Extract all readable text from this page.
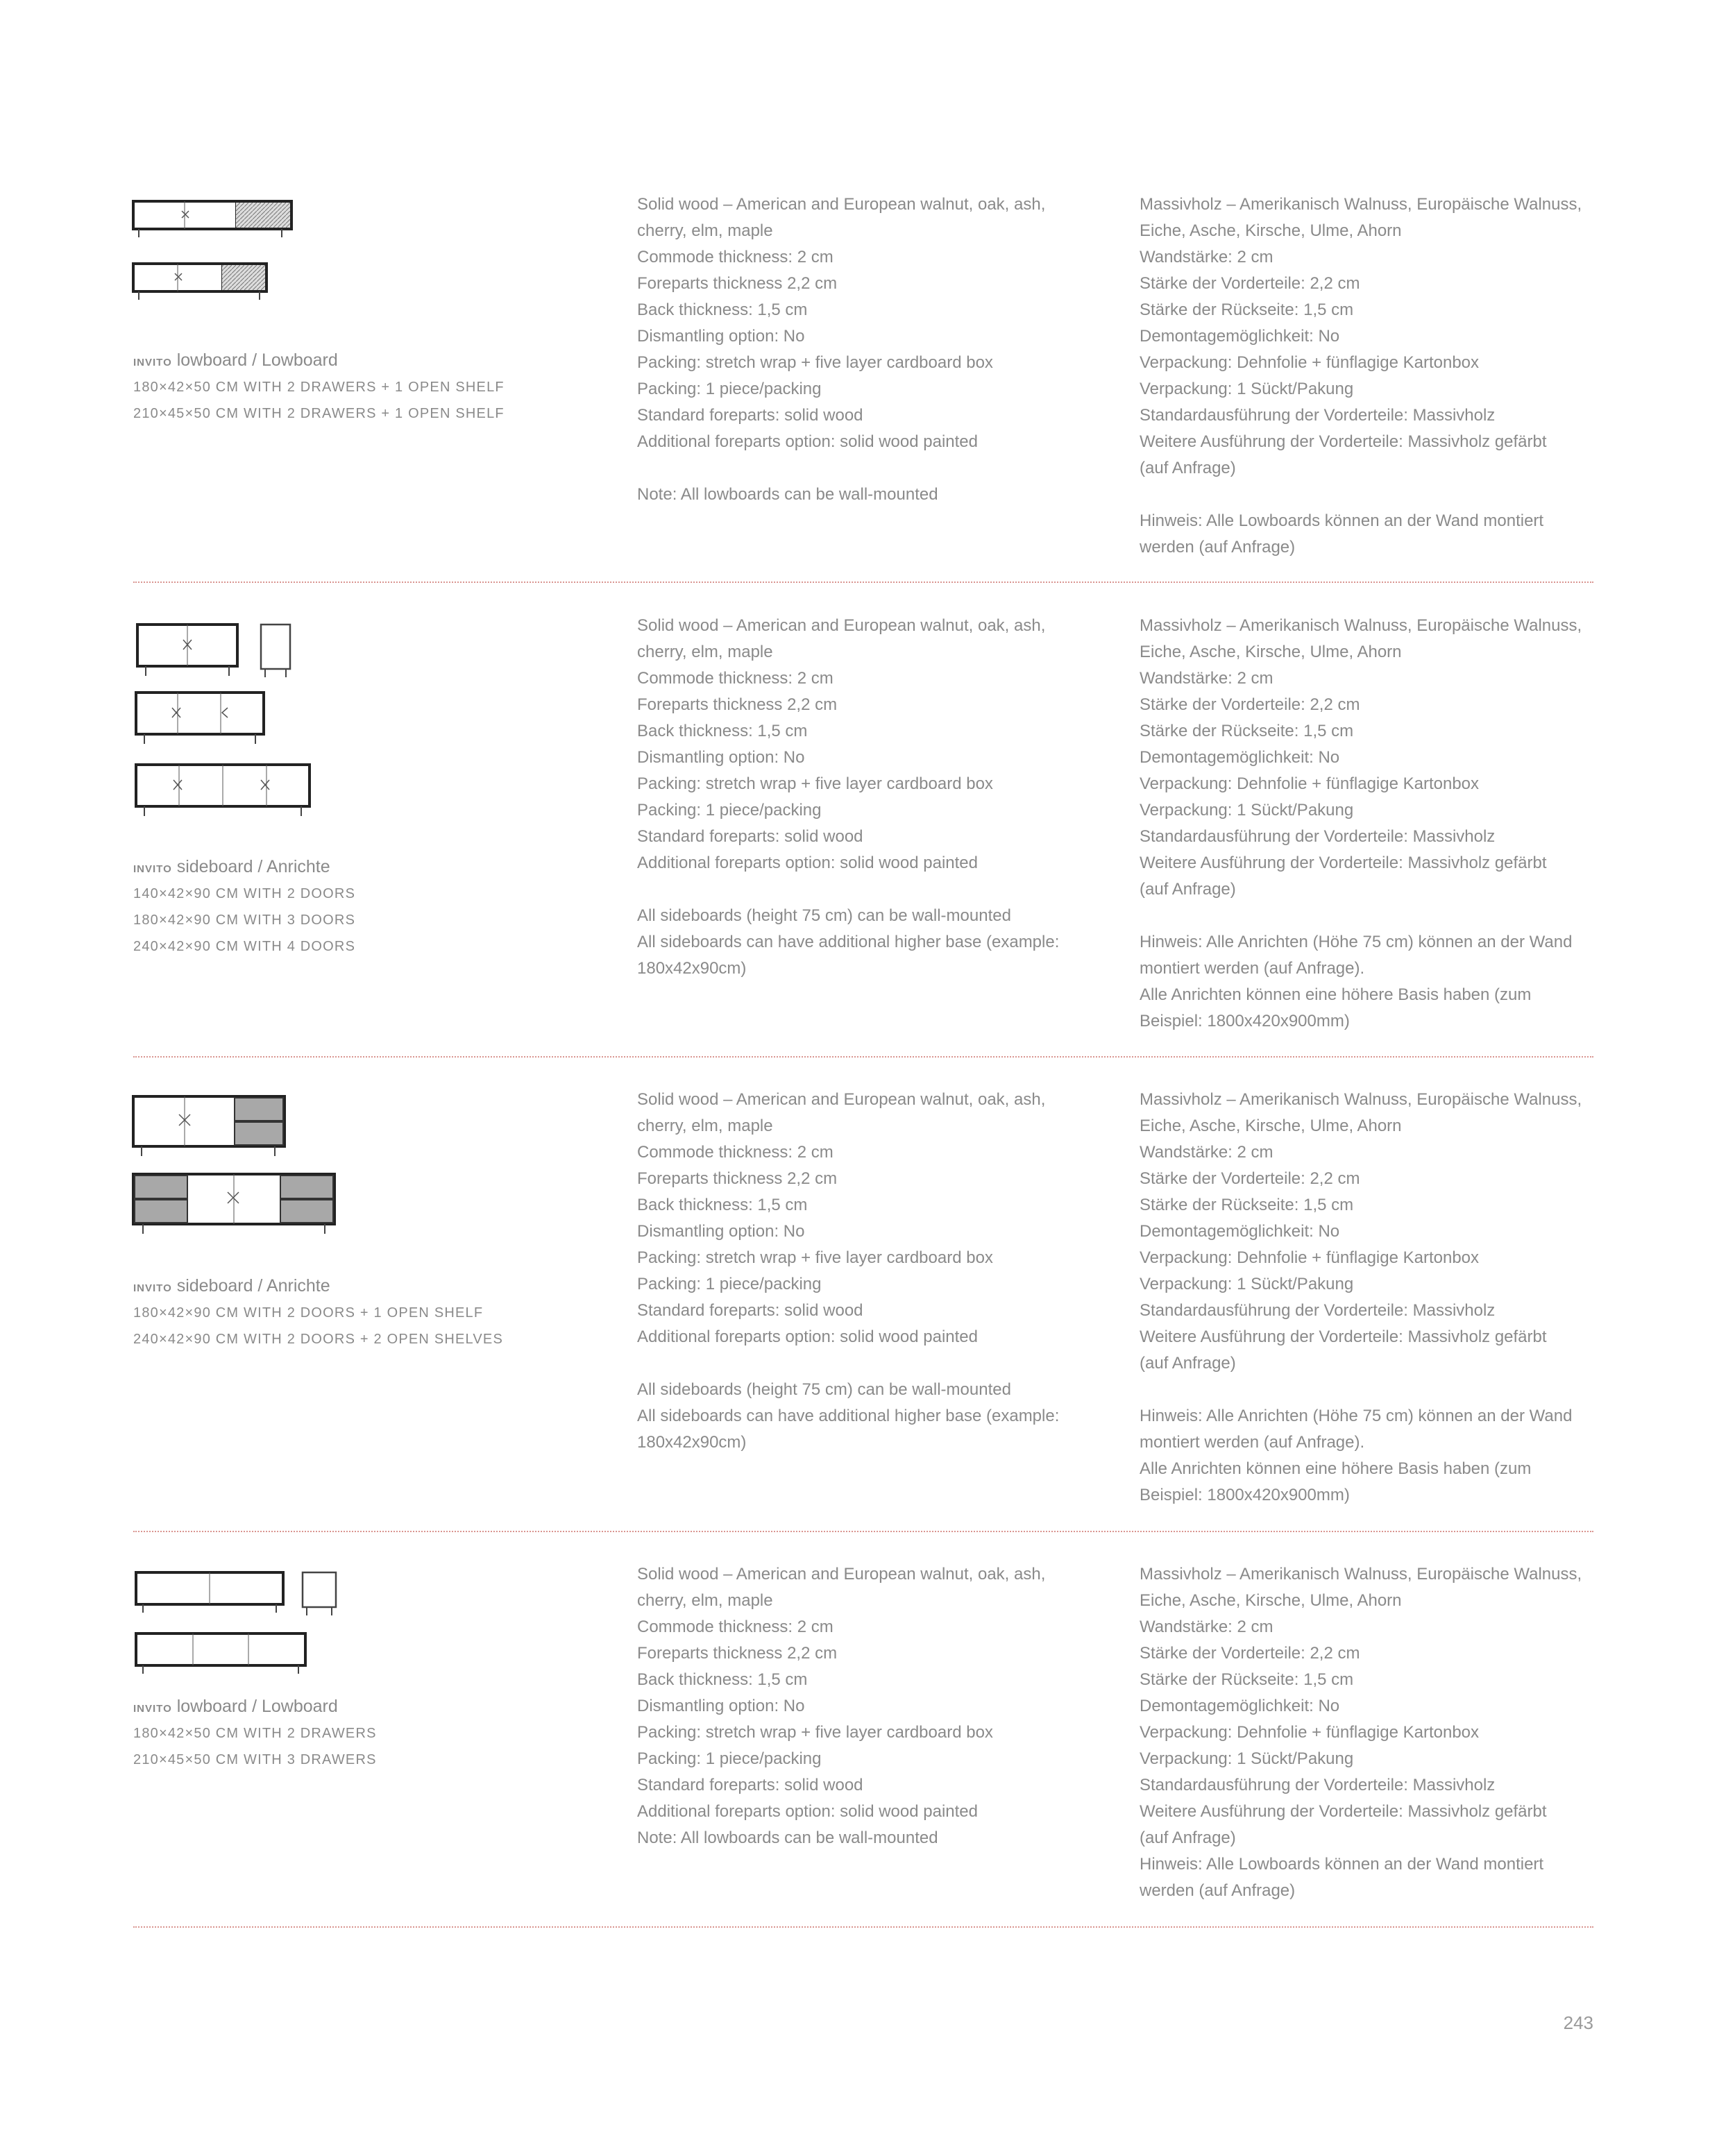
invito lowboard / Lowboard
180×42×50 CM WITH 2 DRAWERS + 1 OPEN SHELF
210×45×50 CM WITH 2 DRAWERS + 1 OPEN SHELF
Solid wood – American and European walnut, oak, ash,
cherry, elm, maple
Commode thickness: 2 cm
Foreparts thickness 2,2 cm
Back thickness: 1,5 cm
Dismantling option: No
Packing: stretch wrap + five layer cardboard box
Packing: 1 piece/packing
Standard foreparts: solid wood
Additional foreparts option: solid wood painted
Note: All lowboards can be wall-mounted
Massivholz – Amerikanisch Walnuss, Europäische Walnuss,
Eiche, Asche, Kirsche, Ulme, Ahorn
Wandstärke: 2 cm
Stärke der Vorderteile: 2,2 cm
Stärke der Rückseite: 1,5 cm
Demontagemöglichkeit: No
Verpackung: Dehnfolie + fünflagige Kartonbox
Verpackung: 1 Sückt/Pakung
Standardausführung der Vorderteile: Massivholz
Weitere Ausführung der Vorderteile: Massivholz gefärbt
(auf Anfrage)
Hinweis: Alle Lowboards können an der Wand montiert
werden (auf Anfrage)
invito sideboard / Anrichte
140×42×90 CM WITH 2 DOORS
180×42×90 CM WITH 3 DOORS
240×42×90 CM WITH 4 DOORS
Solid wood – American and European walnut, oak, ash,
cherry, elm, maple
Commode thickness: 2 cm
Foreparts thickness 2,2 cm
Back thickness: 1,5 cm
Dismantling option: No
Packing: stretch wrap + five layer cardboard box
Packing: 1 piece/packing
Standard foreparts: solid wood
Additional foreparts option: solid wood painted
All sideboards (height 75 cm) can be wall-mounted
All sideboards can have additional higher base (example:
180x42x90cm)
Massivholz – Amerikanisch Walnuss, Europäische Walnuss,
Eiche, Asche, Kirsche, Ulme, Ahorn
Wandstärke: 2 cm
Stärke der Vorderteile: 2,2 cm
Stärke der Rückseite: 1,5 cm
Demontagemöglichkeit: No
Verpackung: Dehnfolie + fünflagige Kartonbox
Verpackung: 1 Sückt/Pakung
Standardausführung der Vorderteile: Massivholz
Weitere Ausführung der Vorderteile: Massivholz gefärbt
(auf Anfrage)
Hinweis: Alle Anrichten (Höhe 75 cm) können an der Wand
montiert werden (auf Anfrage).
Alle Anrichten können eine höhere Basis haben (zum
Beispiel: 1800x420x900mm)
invito sideboard / Anrichte
180×42×90 CM WITH 2 DOORS + 1 OPEN SHELF
240×42×90 CM WITH 2 DOORS + 2 OPEN SHELVES
Solid wood – American and European walnut, oak, ash,
cherry, elm, maple
Commode thickness: 2 cm
Foreparts thickness 2,2 cm
Back thickness: 1,5 cm
Dismantling option: No
Packing: stretch wrap + five layer cardboard box
Packing: 1 piece/packing
Standard foreparts: solid wood
Additional foreparts option: solid wood painted
All sideboards (height 75 cm) can be wall-mounted
All sideboards can have additional higher base (example:
180x42x90cm)
Massivholz – Amerikanisch Walnuss, Europäische Walnuss,
Eiche, Asche, Kirsche, Ulme, Ahorn
Wandstärke: 2 cm
Stärke der Vorderteile: 2,2 cm
Stärke der Rückseite: 1,5 cm
Demontagemöglichkeit: No
Verpackung: Dehnfolie + fünflagige Kartonbox
Verpackung: 1 Sückt/Pakung
Standardausführung der Vorderteile: Massivholz
Weitere Ausführung der Vorderteile: Massivholz gefärbt
(auf Anfrage)
Hinweis: Alle Anrichten (Höhe 75 cm) können an der Wand
montiert werden (auf Anfrage).
Alle Anrichten können eine höhere Basis haben (zum
Beispiel: 1800x420x900mm)
invito lowboard / Lowboard
180×42×50 CM WITH 2 DRAWERS
210×45×50 CM WITH 3 DRAWERS
Solid wood – American and European walnut, oak, ash,
cherry, elm, maple
Commode thickness: 2 cm
Foreparts thickness 2,2 cm
Back thickness: 1,5 cm
Dismantling option: No
Packing: stretch wrap + five layer cardboard box
Packing: 1 piece/packing
Standard foreparts: solid wood
Additional foreparts option: solid wood painted
Note: All lowboards can be wall-mounted
Massivholz – Amerikanisch Walnuss, Europäische Walnuss,
Eiche, Asche, Kirsche, Ulme, Ahorn
Wandstärke: 2 cm
Stärke der Vorderteile: 2,2 cm
Stärke der Rückseite: 1,5 cm
Demontagemöglichkeit: No
Verpackung: Dehnfolie + fünflagige Kartonbox
Verpackung: 1 Sückt/Pakung
Standardausführung der Vorderteile: Massivholz
Weitere Ausführung der Vorderteile: Massivholz gefärbt
(auf Anfrage)
Hinweis: Alle Lowboards können an der Wand montiert
werden (auf Anfrage)
243
